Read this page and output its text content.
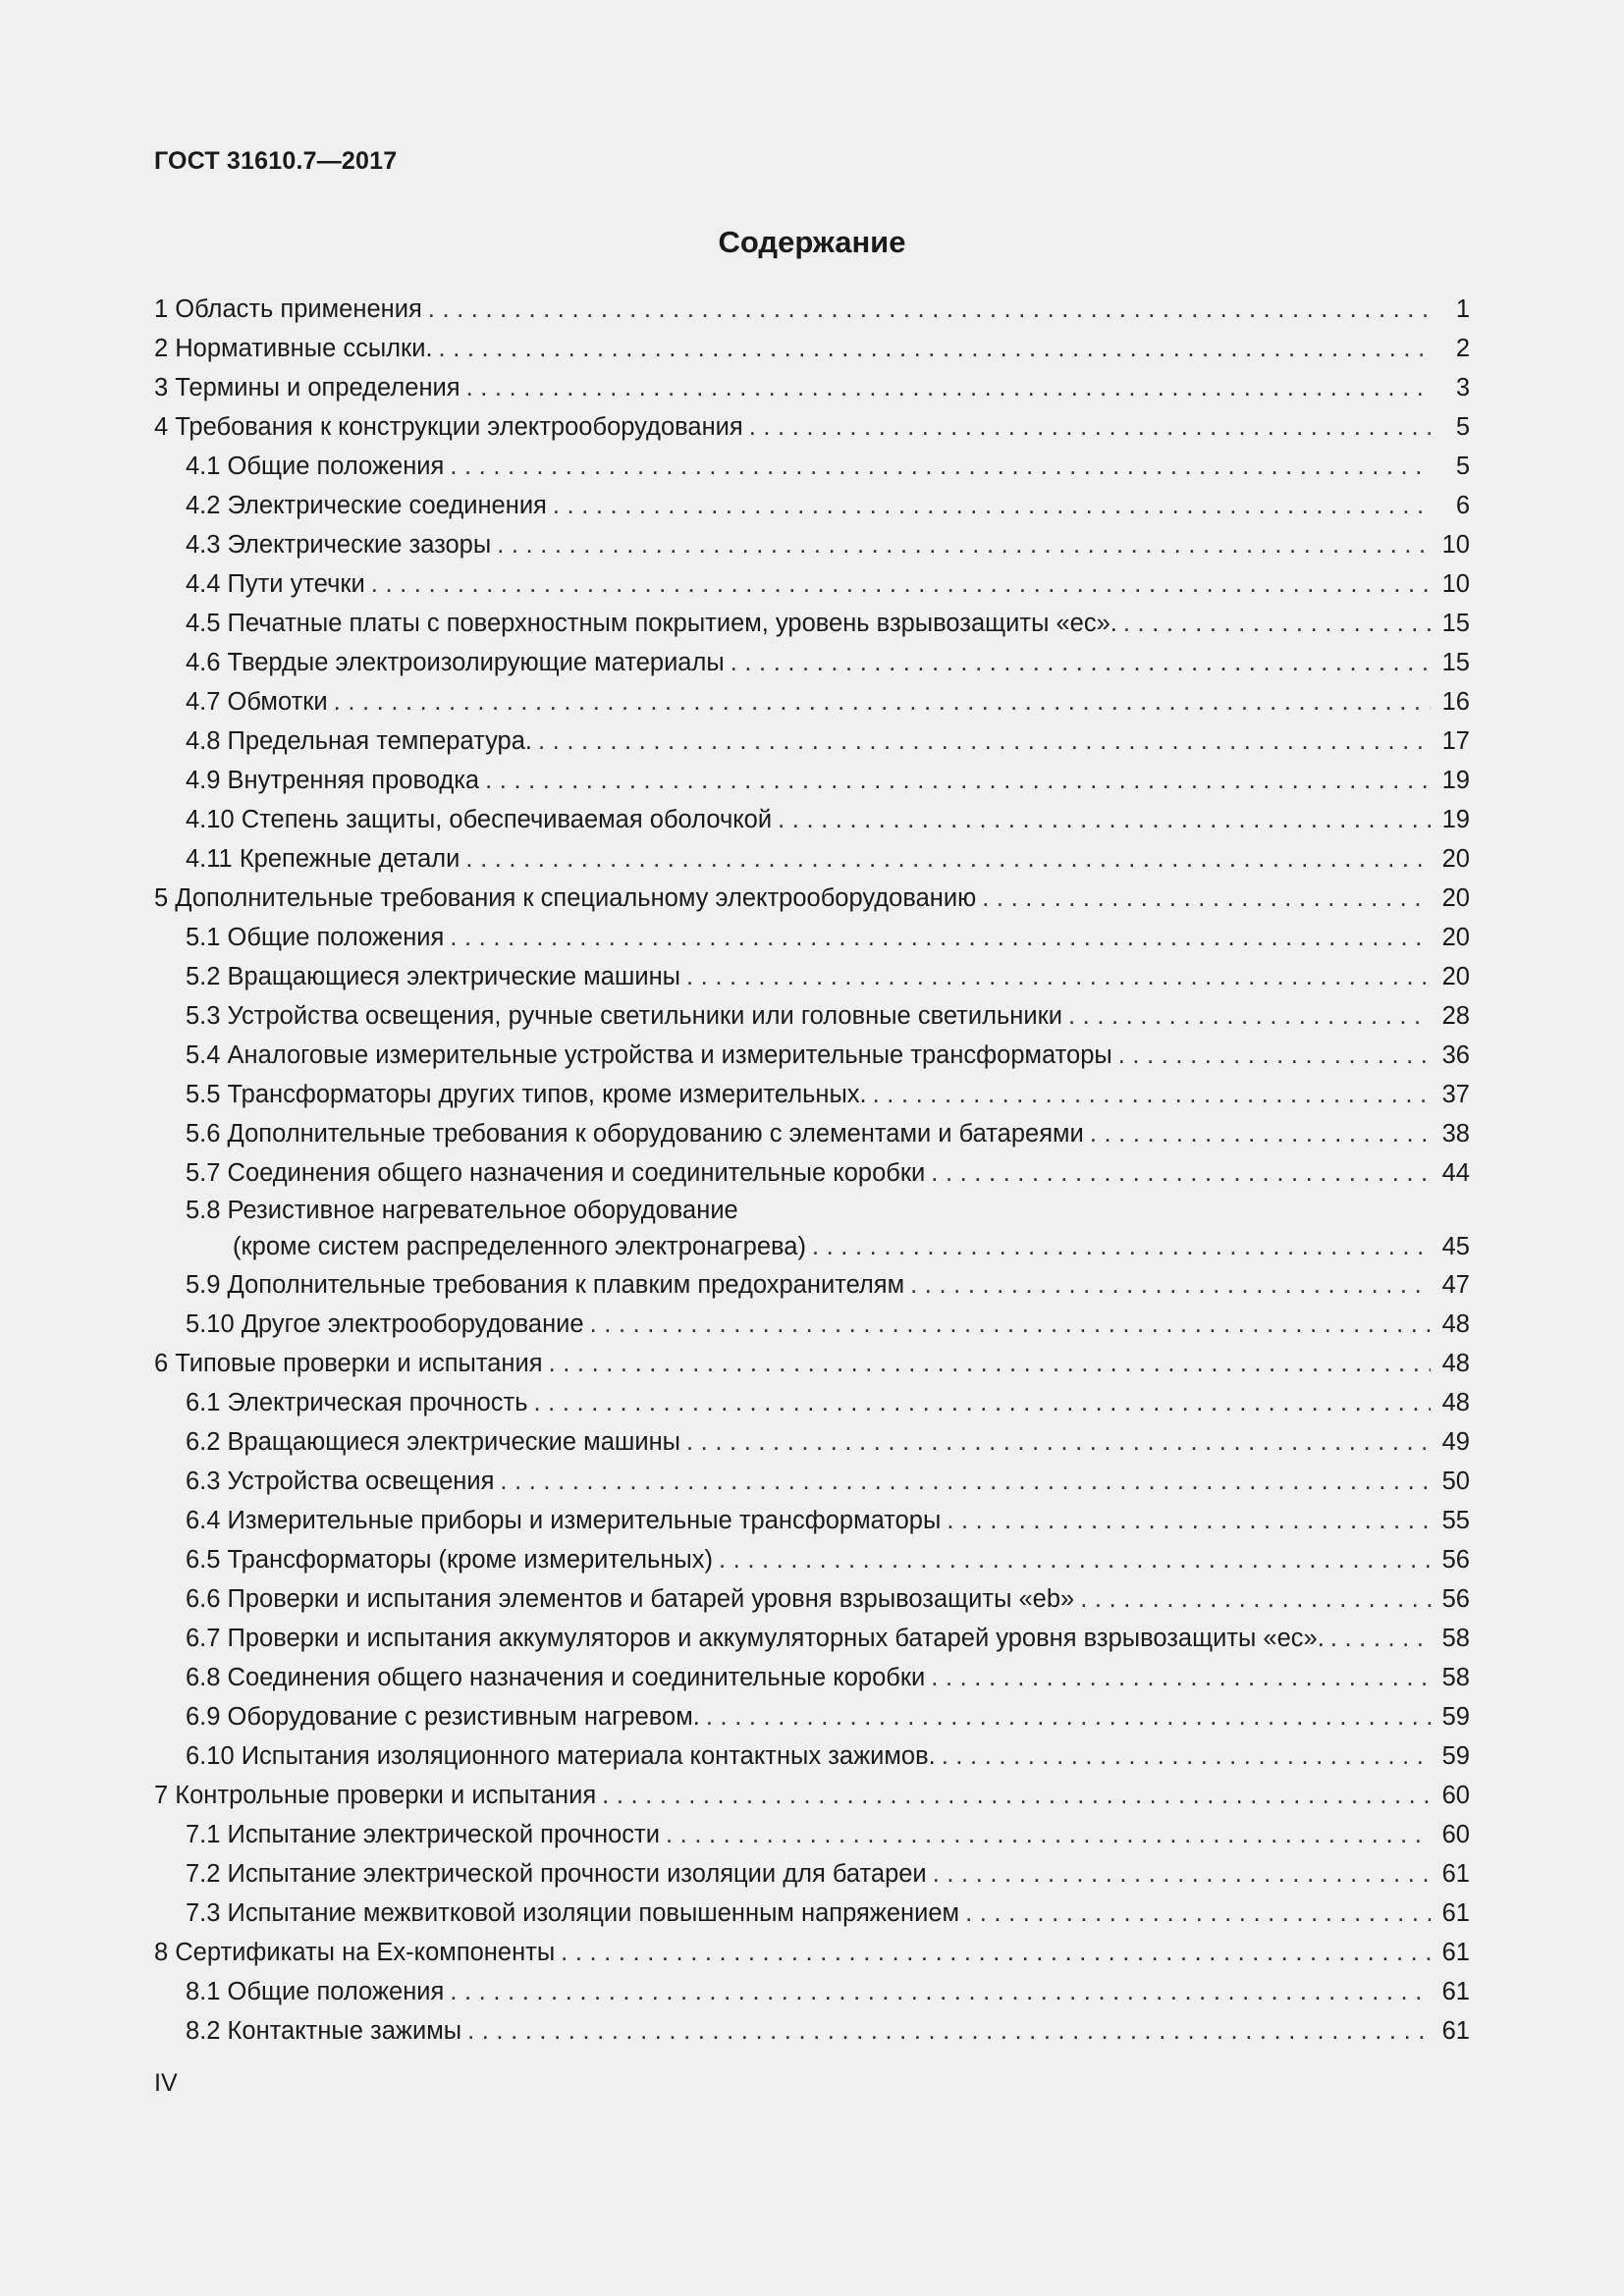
ГОСТ 31610.7—2017
Содержание
1 Область применения . . .	1
2 Нормативные ссылки. . . .	2
3 Термины и определения . . .	3
4 Требования к конструкции электрооборудования . . .	5
4.1 Общие положения . . .	5
4.2 Электрические соединения . . .	6
4.3 Электрические зазоры . . .	10
4.4 Пути утечки . . .	10
4.5 Печатные платы с поверхностным покрытием, уровень взрывозащиты «ес». . . .	15
4.6 Твердые электроизолирующие материалы . . .	15
4.7 Обмотки . . .	16
4.8 Предельная температура. . . .	17
4.9 Внутренняя проводка . . .	19
4.10 Степень защиты, обеспечиваемая оболочкой . . .	19
4.11 Крепежные детали . . .	20
5 Дополнительные требования к специальному электрооборудованию . . .	20
5.1 Общие положения . . .	20
5.2 Вращающиеся электрические машины . . .	20
5.3 Устройства освещения, ручные светильники или головные светильники . . .	28
5.4 Аналоговые измерительные устройства и измерительные трансформаторы . . .	36
5.5 Трансформаторы других типов, кроме измерительных. . . .	37
5.6 Дополнительные требования к оборудованию с элементами и батареями . . .	38
5.7 Соединения общего назначения и соединительные коробки . . .	44
5.8 Резистивное нагревательное оборудование
(кроме систем распределенного электронагрева) . . .	45
5.9 Дополнительные требования к плавким предохранителям . . .	47
5.10 Другое электрооборудование . . .	48
6 Типовые проверки и испытания . . .	48
6.1 Электрическая прочность . . .	48
6.2 Вращающиеся электрические машины . . .	49
6.3 Устройства освещения . . .	50
6.4 Измерительные приборы и измерительные трансформаторы . . .	55
6.5 Трансформаторы (кроме измерительных) . . .	56
6.6 Проверки и испытания элементов и батарей уровня взрывозащиты «eb» . . .	56
6.7 Проверки и испытания аккумуляторов и аккумуляторных батарей уровня взрывозащиты «ес». . . .	58
6.8 Соединения общего назначения и соединительные коробки . . .	58
6.9 Оборудование с резистивным нагревом. . . .	59
6.10 Испытания изоляционного материала контактных зажимов. . . .	59
7 Контрольные проверки и испытания . . .	60
7.1 Испытание электрической прочности . . .	60
7.2 Испытание электрической прочности изоляции для батареи . . .	61
7.3 Испытание межвитковой изоляции повышенным напряжением . . .	61
8 Сертификаты на Ex-компоненты . . .	61
8.1 Общие положения . . .	61
8.2 Контактные зажимы . . .	61
IV
